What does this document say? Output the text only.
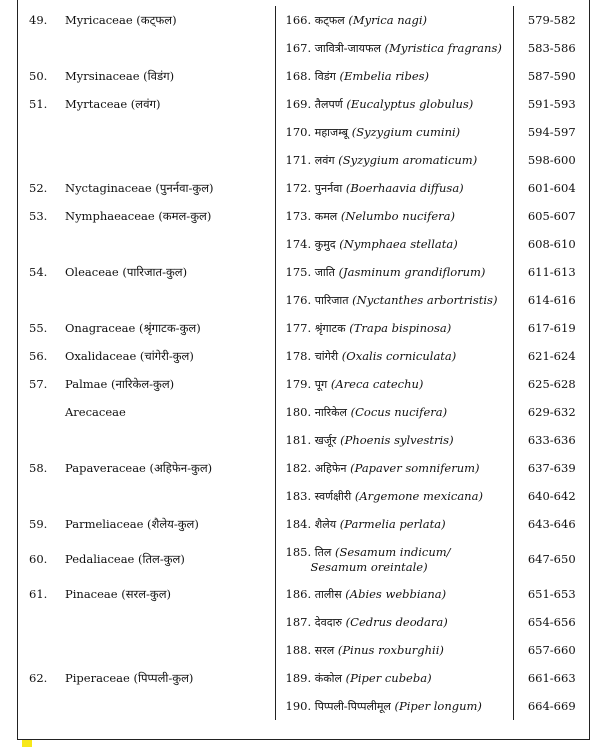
49.	Myricaceae (कट्फल)	166. कट्फल (Myrica nagi)	579-582
		167. जावित्री-जायफल (Myristica fragrans)	583-586
50.	Myrsinaceae (विडंग)	168. विडंग (Embelia ribes)	587-590
51.	Myrtaceae (लवंग)	169. तैलपर्ण (Eucalyptus globulus)	591-593
		170. महाजम्बू (Syzygium cumini)	594-597
		171. लवंग (Syzygium aromaticum)	598-600
52.	Nyctaginaceae (पुनर्नवा-कुल)	172. पुनर्नवा (Boerhaavia diffusa)	601-604
53.	Nymphaeaceae (कमल-कुल)	173. कमल (Nelumbo nucifera)	605-607
		174. कुमुद (Nymphaea stellata)	608-610
54.	Oleaceae (पारिजात-कुल)	175. जाति (Jasminum grandiflorum)	611-613
		176. पारिजात (Nyctanthes arbortristis)	614-616
55.	Onagraceae (श्रृंगाटक-कुल)	177. श्रृंगाटक (Trapa bispinosa)	617-619
56.	Oxalidaceae (चांगेरी-कुल)	178. चांगेरी (Oxalis corniculata)	621-624
57.	Palmae (नारिकेल-कुल)	179. पूग (Areca catechu)	625-628
	Arecaceae	180. नारिकेल (Cocus nucifera)	629-632
		181. खर्जूर (Phoenis sylvestris)	633-636
58.	Papaveraceae (अहिफेन-कुल)	182. अहिफेन (Papaver somniferum)	637-639
		183. स्वर्णक्षीरी (Argemone mexicana)	640-642
59.	Parmeliaceae (शैलेय-कुल)	184. शैलेय (Parmelia perlata)	643-646
60.	Pedaliaceae (तिल-कुल)	185. तिल (Sesamum indicum/
Sesamum oreintale)	647-650
61.	Pinaceae (सरल-कुल)	186. तालीस (Abies webbiana)	651-653
		187. देवदारु (Cedrus deodara)	654-656
		188. सरल (Pinus roxburghii)	657-660
62.	Piperaceae (पिप्पली-कुल)	189. कंकोल (Piper cubeba)	661-663
		190. पिप्पली-पिप्पलीमूल (Piper longum)	664-669
